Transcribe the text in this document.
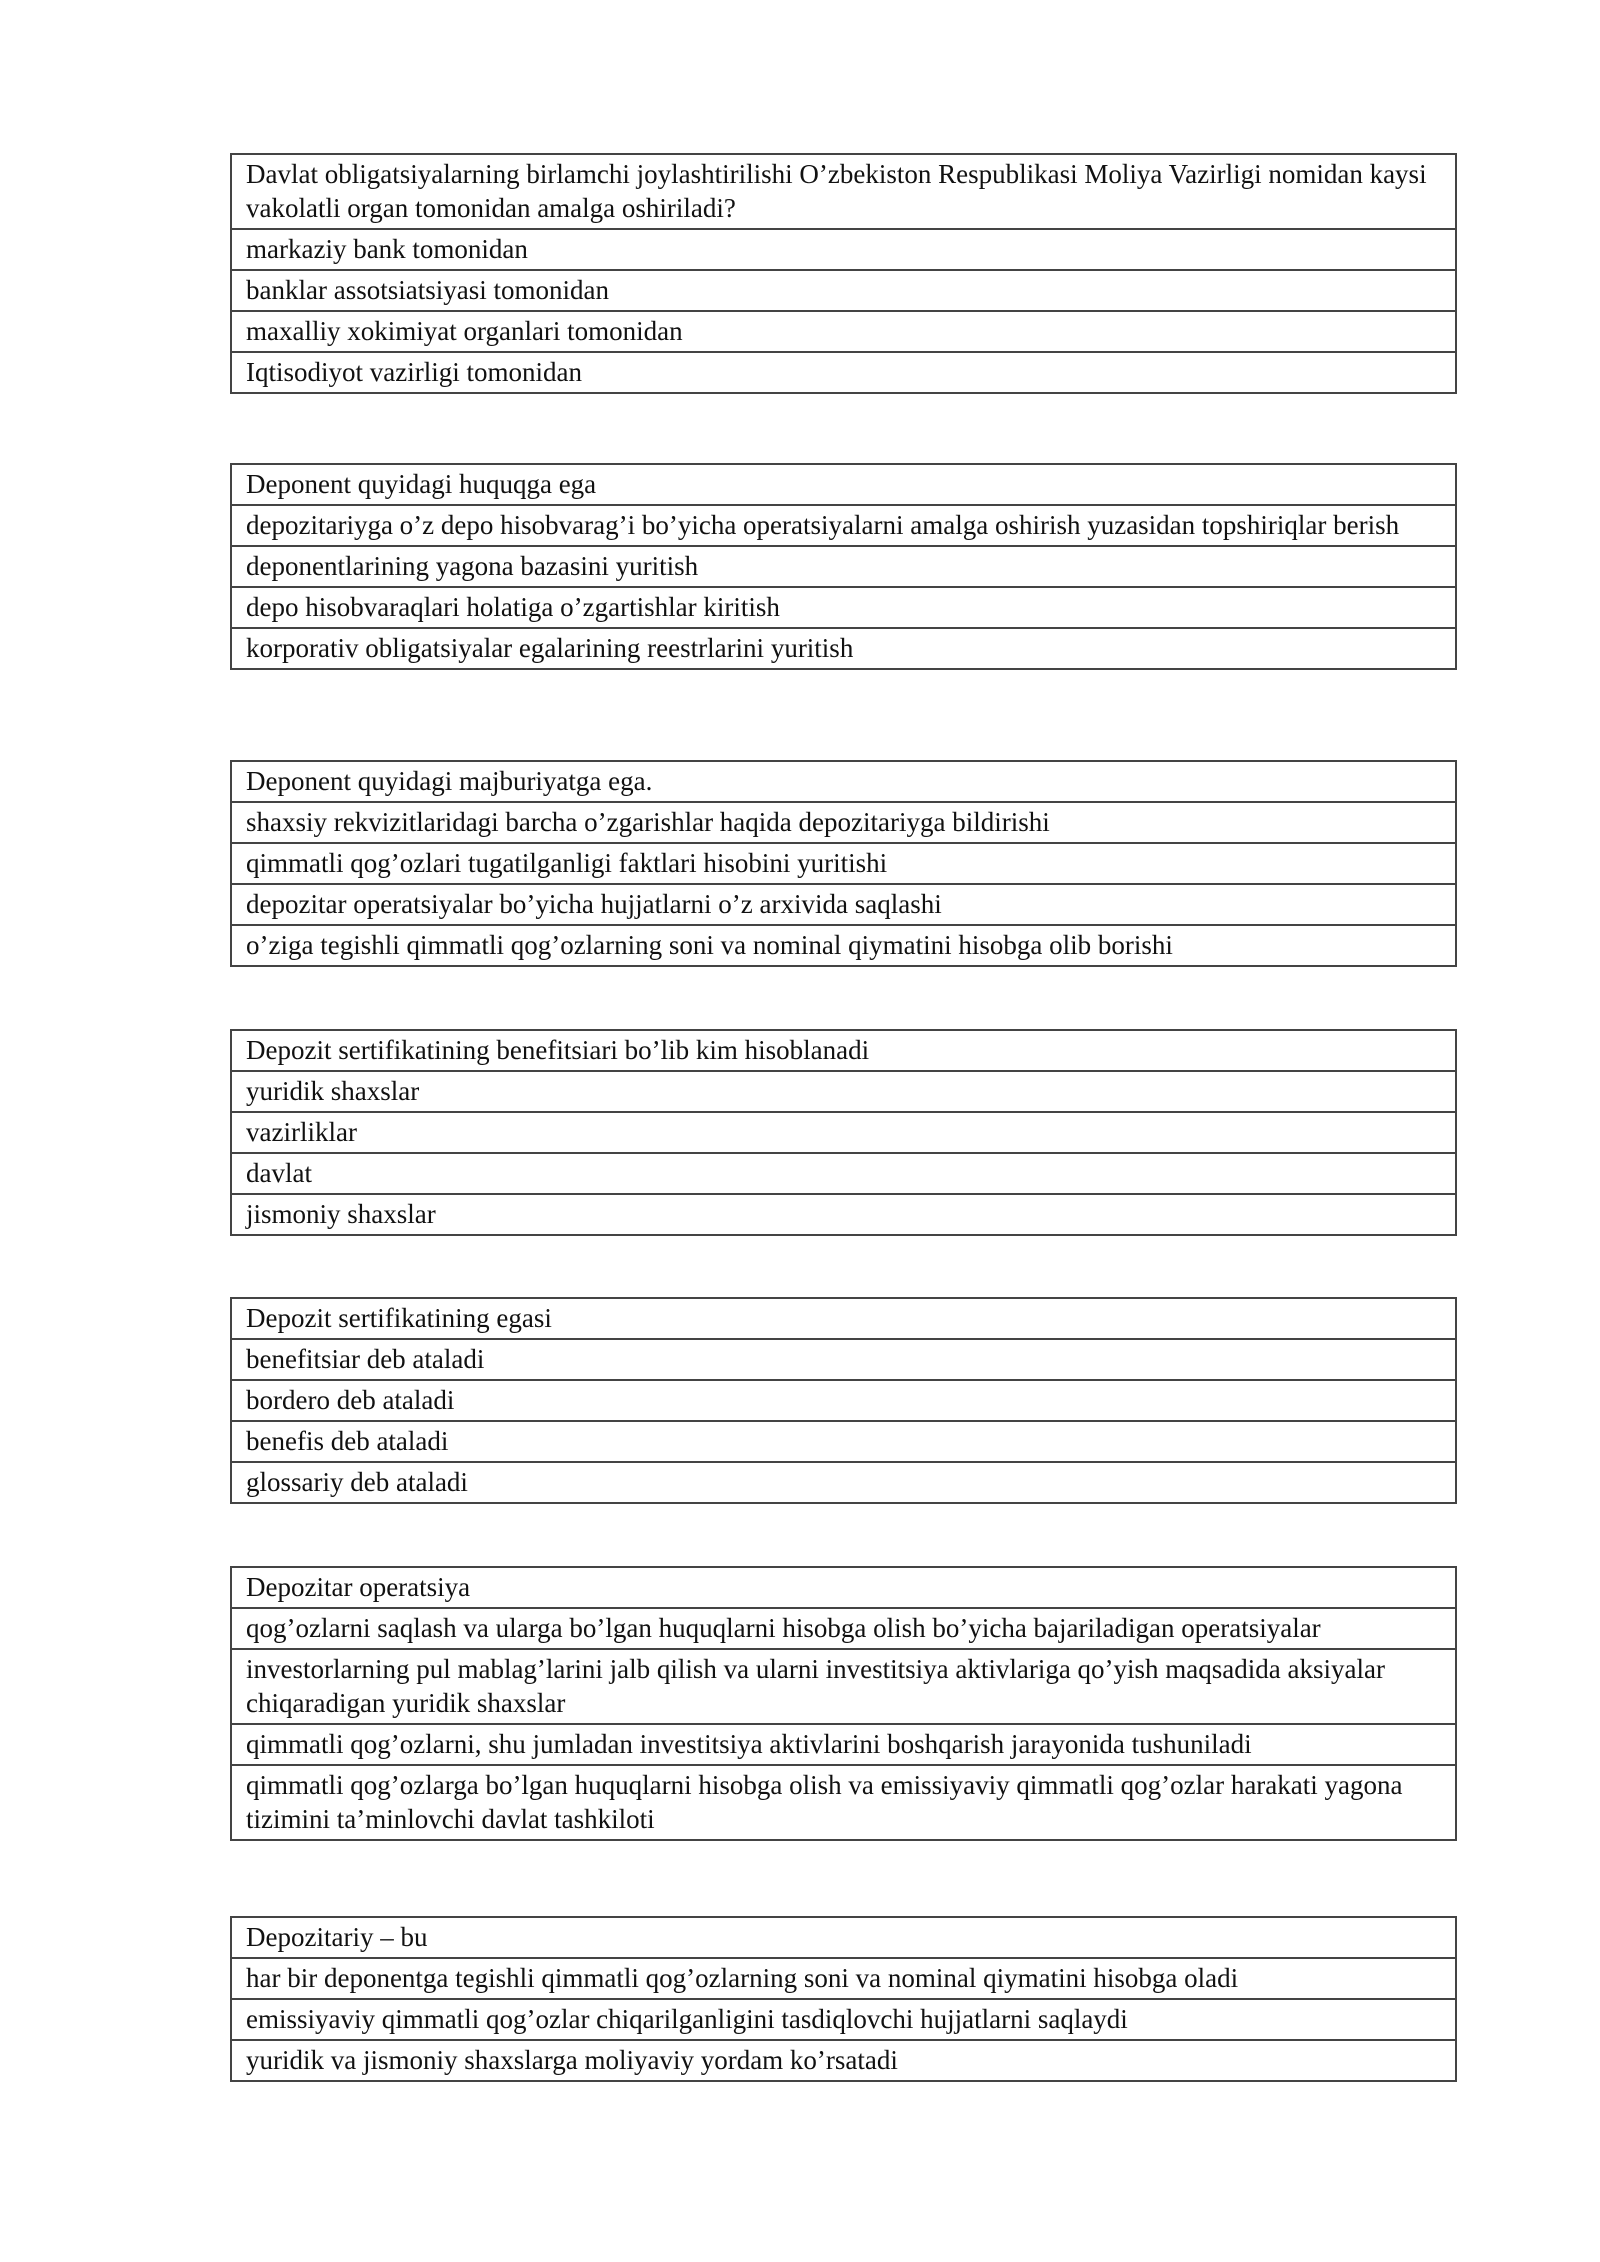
Davlat obligatsiyalarning birlamchi joylashtirilishi O’zbekiston Respublikasi Moliya Vazirligi nomidan kaysi vakolatli organ tomonidan amalga oshiriladi?
markaziy bank tomonidan
banklar assotsiatsiyasi tomonidan
maxalliy xokimiyat organlari tomonidan
Iqtisodiyot vazirligi tomonidan
Deponent quyidagi huquqga ega
depozitariyga o’z depo hisobvarag’i bo’yicha operatsiyalarni amalga oshirish yuzasidan topshiriqlar berish
deponentlarining yagona bazasini yuritish
depo hisobvaraqlari holatiga o’zgartishlar kiritish
korporativ obligatsiyalar egalarining reestrlarini yuritish
Deponent quyidagi majburiyatga ega.
shaxsiy rekvizitlaridagi barcha o’zgarishlar haqida depozitariyga bildirishi
qimmatli qog’ozlari tugatilganligi faktlari hisobini yuritishi
depozitar operatsiyalar bo’yicha hujjatlarni o’z arxivida saqlashi
o’ziga tegishli qimmatli qog’ozlarning soni va nominal qiymatini hisobga olib borishi
Depozit sertifikatining benefitsiari bo’lib kim hisoblanadi
yuridik shaxslar
vazirliklar
davlat
jismoniy shaxslar
Depozit sertifikatining egasi
benefitsiar deb ataladi
bordero deb ataladi
benefis deb ataladi
glossariy deb ataladi
Depozitar operatsiya
qog’ozlarni saqlash va ularga bo’lgan huquqlarni hisobga olish bo’yicha bajariladigan operatsiyalar
investorlarning pul mablag’larini jalb qilish va ularni investitsiya aktivlariga qo’yish maqsadida aksiyalar chiqaradigan yuridik shaxslar
qimmatli qog’ozlarni, shu jumladan investitsiya aktivlarini boshqarish jarayonida tushuniladi
qimmatli qog’ozlarga bo’lgan huquqlarni hisobga olish va emissiyaviy qimmatli qog’ozlar harakati yagona tizimini ta’minlovchi davlat tashkiloti
Depozitariy – bu
har bir deponentga tegishli qimmatli qog’ozlarning soni va nominal qiymatini hisobga oladi
emissiyaviy qimmatli qog’ozlar chiqarilganligini tasdiqlovchi hujjatlarni saqlaydi
yuridik va jismoniy shaxslarga moliyaviy yordam ko’rsatadi
